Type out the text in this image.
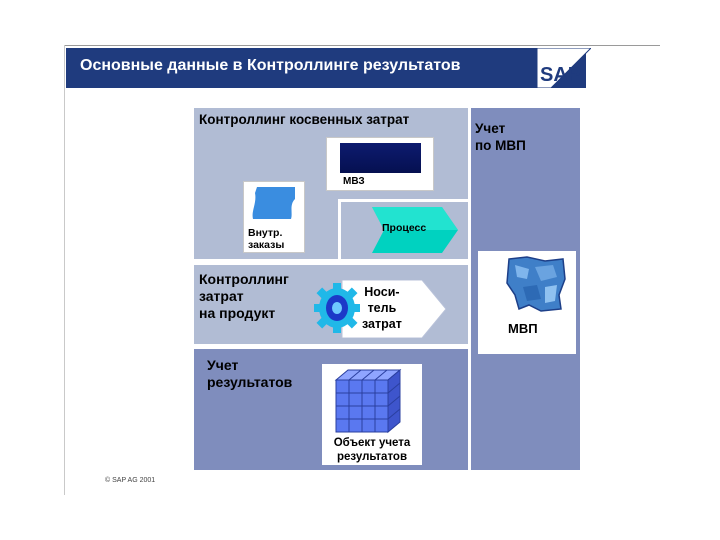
Основные данные в Контроллинге результатов	SAP
Контроллинг косвенных затрат
Учет
по МВП
Контроллинг
затрат
на продукт
Учет
результатов
МВЗ
Внутр.
заказы
Процесс
Носи-
тель
затрат
Объект учета
результатов
МВП
© SAP AG 2001
